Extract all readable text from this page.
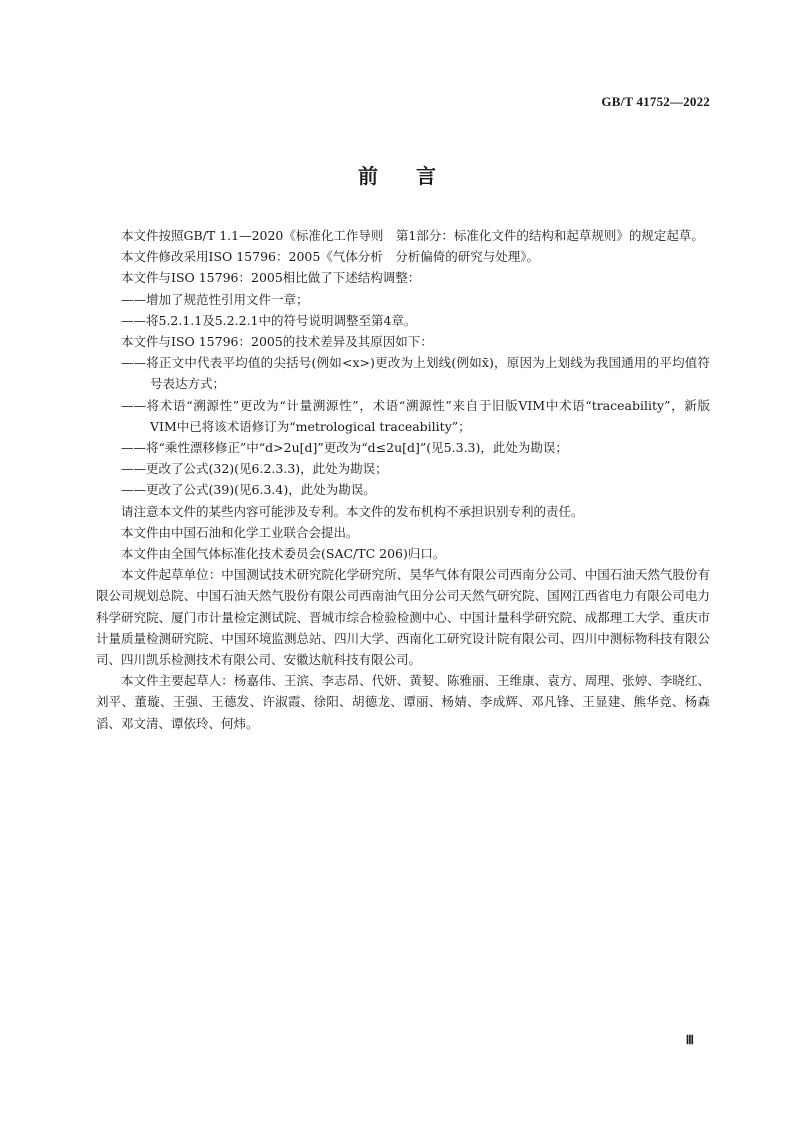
GB/T 41752—2022
前 言

本文件按照GB/T 1.1—2020《标准化工作导则　第1部分：标准化文件的结构和起草规则》的规定起草。

本文件修改采用ISO 15796：2005《气体分析　分析偏倚的研究与处理》。

本文件与ISO 15796：2005相比做了下述结构调整：

——增加了规范性引用文件一章；

——将5.2.1.1及5.2.2.1中的符号说明调整至第4章。

本文件与ISO 15796：2005的技术差异及其原因如下：

——将正文中代表平均值的尖括号(例如<x>)更改为上划线(例如x̄)，原因为上划线为我国通用的平均值符号表达方式；

——将术语“溯源性”更改为“计量溯源性”，术语“溯源性”来自于旧版VIM中术语“traceability”，新版VIM中已将该术语修订为“metrological traceability”；

——将“乘性漂移修正”中“d>2u[d]”更改为“d≤2u[d]”(见5.3.3)，此处为勘误；

——更改了公式(32)(见6.2.3.3)，此处为勘误；

——更改了公式(39)(见6.3.4)，此处为勘误。

请注意本文件的某些内容可能涉及专利。本文件的发布机构不承担识别专利的责任。

本文件由中国石油和化学工业联合会提出。

本文件由全国气体标准化技术委员会(SAC/TC 206)归口。

本文件起草单位：中国测试技术研究院化学研究所、昊华气体有限公司西南分公司、中国石油天然气股份有限公司规划总院、中国石油天然气股份有限公司西南油气田分公司天然气研究院、国网江西省电力有限公司电力科学研究院、厦门市计量检定测试院、晋城市综合检验检测中心、中国计量科学研究院、成都理工大学、重庆市计量质量检测研究院、中国环境监测总站、四川大学、西南化工研究设计院有限公司、四川中测标物科技有限公司、四川凯乐检测技术有限公司、安徽达航科技有限公司。

本文件主要起草人：杨嘉伟、王滨、李志昂、代妍、黄㛃、陈雅丽、王维康、袁方、周理、张婷、李晓红、刘平、董璇、王强、王德发、许淑霞、徐阳、胡德龙、谭丽、杨婧、李成辉、邓凡锋、王显建、熊华竞、杨森滔、邓文清、谭依玲、何炜。

Ⅲ
